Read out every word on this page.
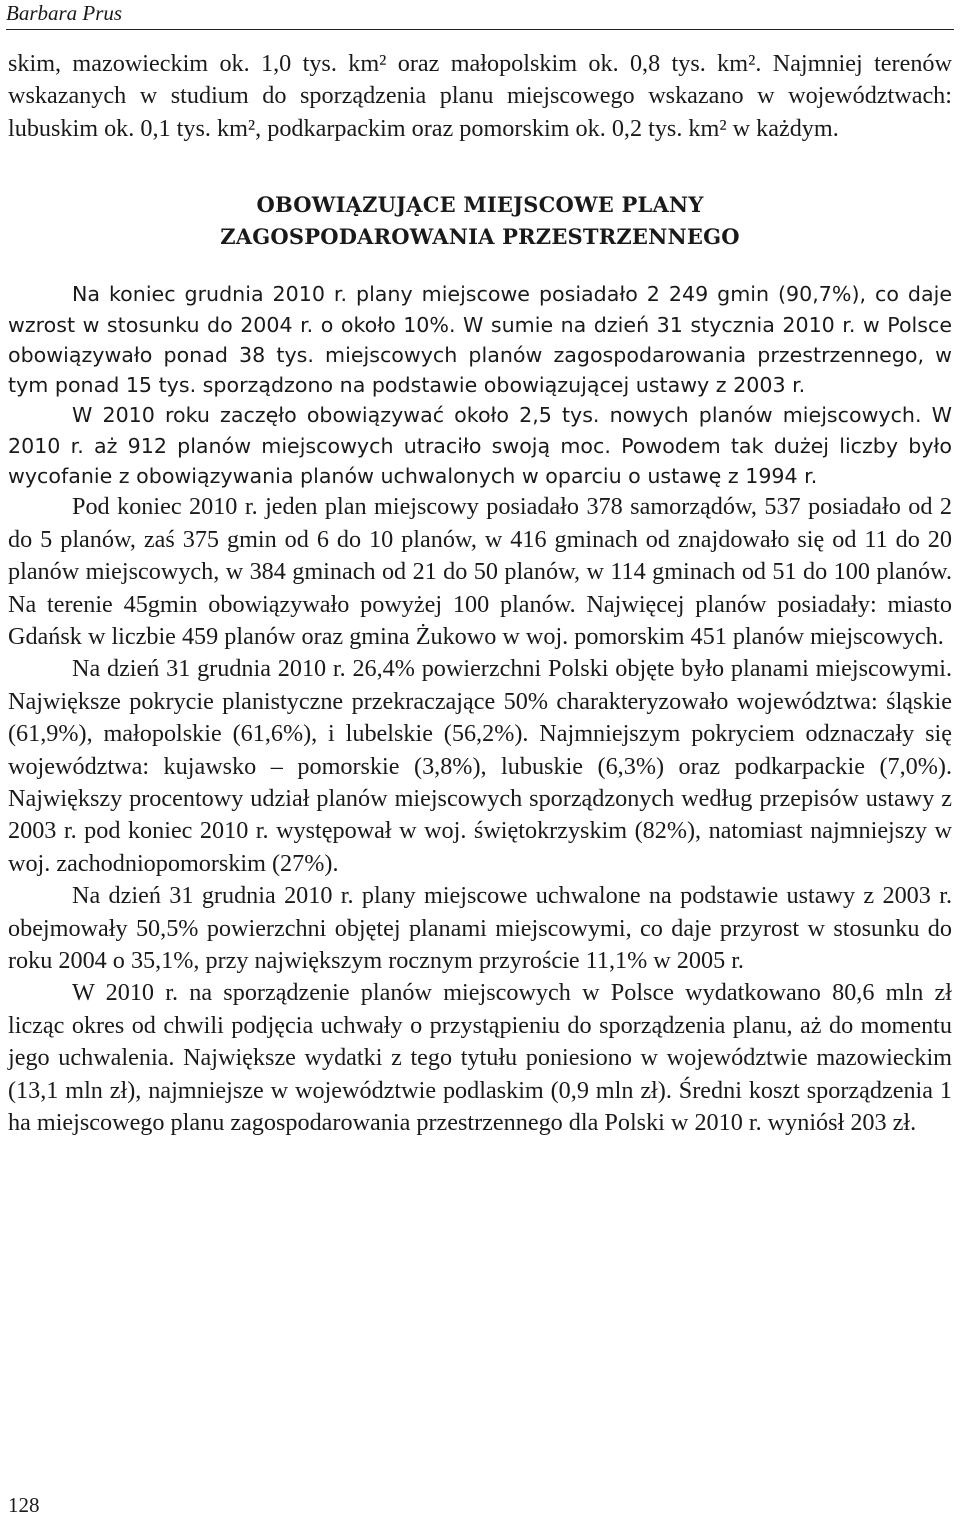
Barbara Prus

skim, mazowieckim ok. 1,0 tys. km² oraz małopolskim ok. 0,8 tys. km². Najmniej terenów wskazanych w studium do sporządzenia planu miejscowego wskazano w województwach: lubuskim ok. 0,1 tys. km², podkarpackim oraz pomorskim ok. 0,2 tys. km² w każdym.

OBOWIĄZUJĄCE MIEJSCOWE PLANY
ZAGOSPODAROWANIA PRZESTRZENNEGO

Na koniec grudnia 2010 r. plany miejscowe posiadało 2 249 gmin (90,7%), co daje wzrost w stosunku do 2004 r. o około 10%. W sumie na dzień 31 stycznia 2010 r. w Polsce obowiązywało ponad 38 tys. miejscowych planów zagospodarowania przestrzennego, w tym ponad 15 tys. sporządzono na podstawie obowiązującej ustawy z 2003 r.

W 2010 roku zaczęło obowiązywać około 2,5 tys. nowych planów miejscowych. W 2010 r. aż 912 planów miejscowych utraciło swoją moc. Powodem tak dużej liczby było wycofanie z obowiązywania planów uchwalonych w oparciu o ustawę z 1994 r.

Pod koniec 2010 r. jeden plan miejscowy posiadało 378 samorządów, 537 posiadało od 2 do 5 planów, zaś 375 gmin od 6 do 10 planów, w 416 gminach od znajdowało się od 11 do 20 planów miejscowych, w 384 gminach od 21 do 50 planów, w 114 gminach od 51 do 100 planów. Na terenie 45gmin obowiązywało powyżej 100 planów. Najwięcej planów posiadały: miasto Gdańsk w liczbie 459 planów oraz gmina Żukowo w woj. pomorskim 451 planów miejscowych.

Na dzień 31 grudnia 2010 r. 26,4% powierzchni Polski objęte było planami miejscowymi. Największe pokrycie planistyczne przekraczające 50% charakteryzowało województwa: śląskie (61,9%), małopolskie (61,6%), i lubelskie (56,2%). Najmniejszym pokryciem odznaczały się województwa: kujawsko – pomorskie (3,8%), lubuskie (6,3%) oraz podkarpackie (7,0%). Największy procentowy udział planów miejscowych sporządzonych według przepisów ustawy z 2003 r. pod koniec 2010 r. występował w woj. świętokrzyskim (82%), natomiast najmniejszy w woj. zachodniopomorskim (27%).

Na dzień 31 grudnia 2010 r. plany miejscowe uchwalone na podstawie ustawy z 2003 r. obejmowały 50,5% powierzchni objętej planami miejscowymi, co daje przyrost w stosunku do roku 2004 o 35,1%, przy największym rocznym przyroście 11,1% w 2005 r.

W 2010 r. na sporządzenie planów miejscowych w Polsce wydatkowano 80,6 mln zł licząc okres od chwili podjęcia uchwały o przystąpieniu do sporządzenia planu, aż do momentu jego uchwalenia. Największe wydatki z tego tytułu poniesiono w województwie mazowieckim (13,1 mln zł), najmniejsze w województwie podlaskim (0,9 mln zł). Średni koszt sporządzenia 1 ha miejscowego planu zagospodarowania przestrzennego dla Polski w 2010 r. wyniósł 203 zł.

128
